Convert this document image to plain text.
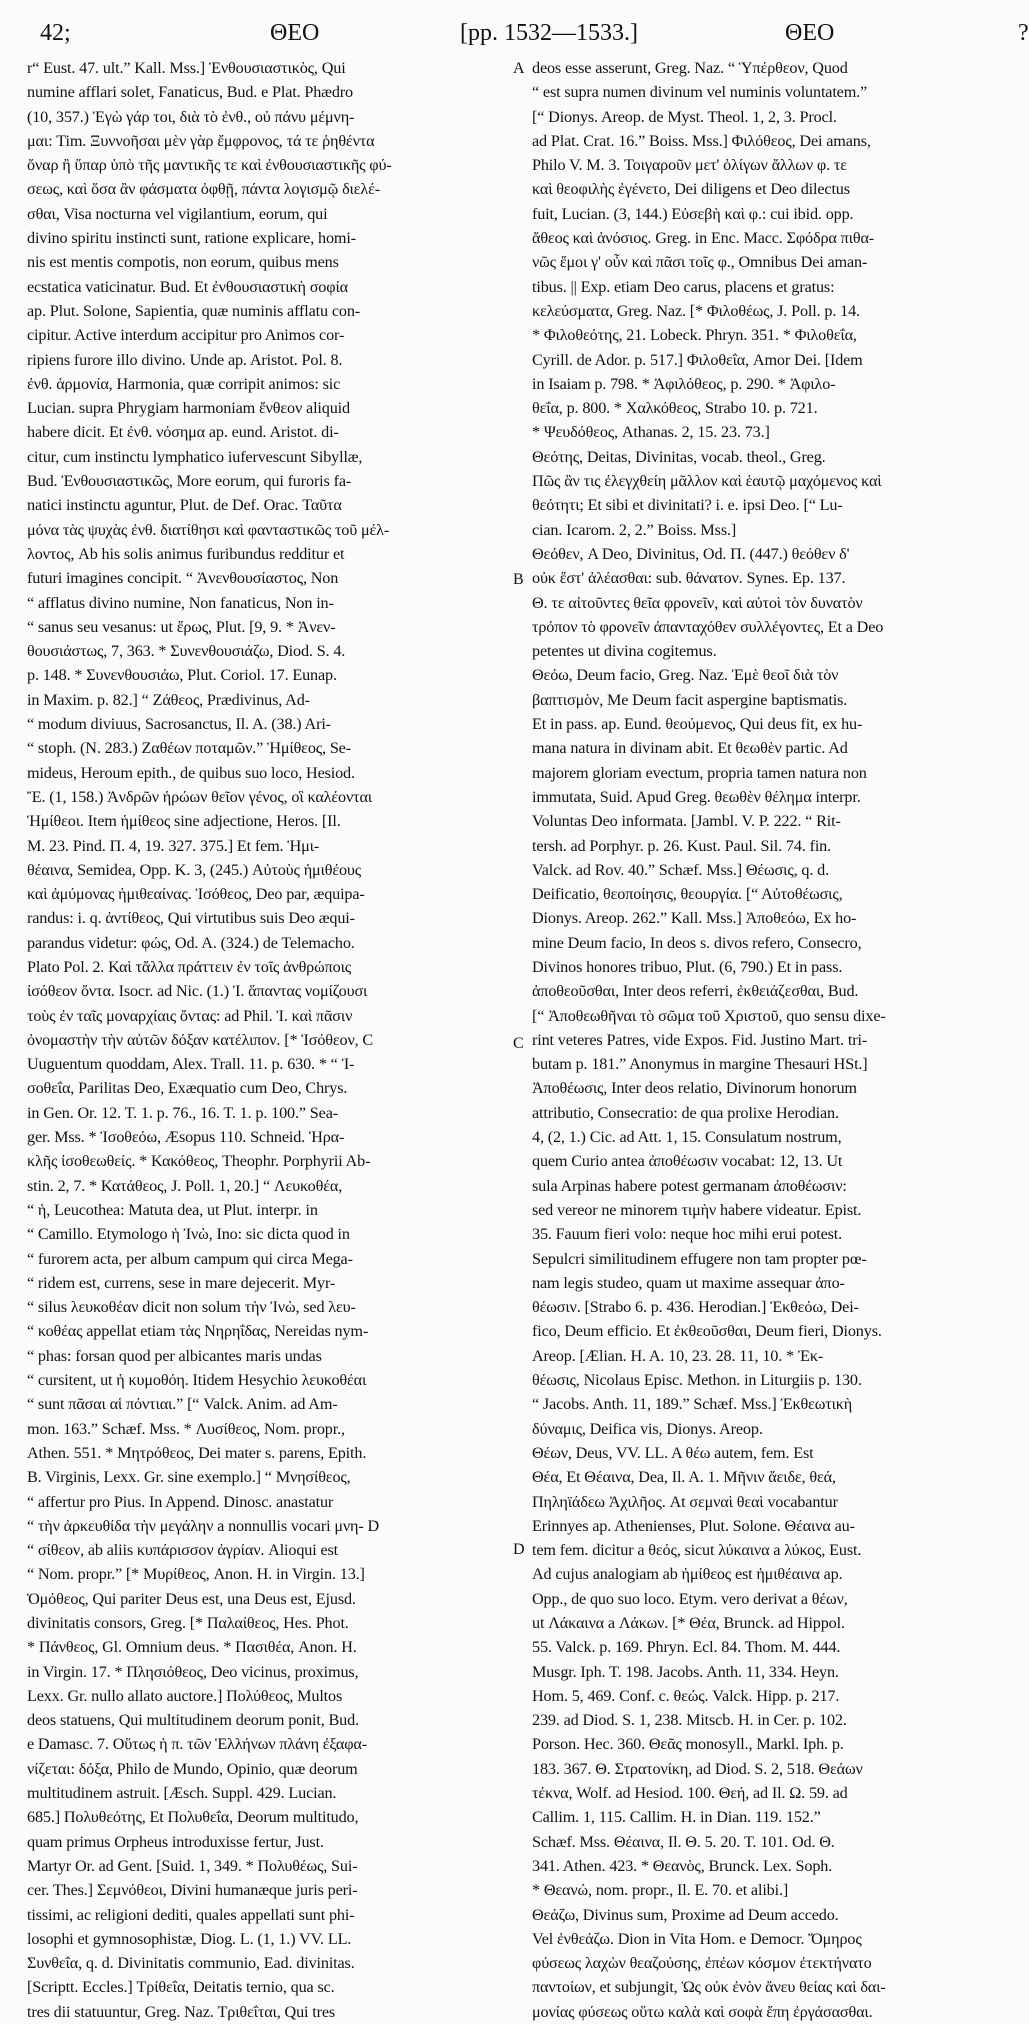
42;	ΘΕΟ	[pp. 1532—1533.]	ΘΕΟ	?
A
B
C
D
r“ Eust. 47. ult.” Kall. Mss.] Ἐνθουσιαστικὸς, Qui
numine afflari solet, Fanaticus, Bud. e Plat. Phædro
(10, 357.) Ἐγὼ γάρ τοι, διὰ τὸ ἐνθ., οὐ πάνυ μέμνη-
μαι: Tim. Ξυννοῆσαι μὲν γὰρ ἔμφρονος, τά τε ῥηθέντα
ὄναρ ἢ ὕπαρ ὑπὸ τῆς μαντικῆς τε καὶ ἐνθουσιαστικῆς φύ-
σεως, καὶ ὅσα ἂν φάσματα ὀφθῇ, πάντα λογισμῷ διελέ-
σθαι, Visa nocturna vel vigilantium, eorum, qui
divino spiritu instincti sunt, ratione explicare, homi-
nis est mentis compotis, non eorum, quibus mens
ecstatica vaticinatur. Bud. Et ἐνθουσιαστικὴ σοφία
ap. Plut. Solone, Sapientia, quæ numinis afflatu con-
cipitur. Active interdum accipitur pro Animos cor-
ripiens furore illo divino. Unde ap. Aristot. Pol. 8.
ἐνθ. ἁρμονία, Harmonia, quæ corripit animos: sic
Lucian. supra Phrygiam harmoniam ἔνθεον aliquid
habere dicit. Et ἐνθ. νόσημα ap. eund. Aristot. di-
citur, cum instinctu lymphatico iufervescunt Sibyllæ,
Bud. Ἐνθουσιαστικῶς, More eorum, qui furoris fa-
natici instinctu aguntur, Plut. de Def. Orac. Ταῦτα
μόνα τὰς ψυχὰς ἐνθ. διατίθησι καὶ φανταστικῶς τοῦ μέλ-
λοντος, Ab his solis animus furibundus redditur et
futuri imagines concipit. “ Ἀνενθουσίαστος, Non
“ afflatus divino numine, Non fanaticus, Non in-
“ sanus seu vesanus: ut ἔρως, Plut. [9, 9. * Ἀνεν-
θουσιάστως, 7, 363. * Συνενθουσιάζω, Diod. S. 4.
p. 148. * Συνενθουσιάω, Plut. Coriol. 17. Eunap.
in Maxim. p. 82.] “ Ζάθεος, Prædivinus, Ad-
“ modum diviuus, Sacrosanctus, Il. A. (38.) Ari-
“ stoph. (N. 283.) Ζαθέων ποταμῶν.” Ἡμίθεος, Se-
mideus, Heroum epith., de quibus suo loco, Hesiod.
Ἔ. (1, 158.) Ἀνδρῶν ἡρώων θεῖον γένος, οἳ καλέονται
Ἡμίθεοι. Item ἡμίθεος sine adjectione, Heros. [Il.
M. 23. Pind. Π. 4, 19. 327. 375.] Et fem. Ἡμι-
θέαινα, Semidea, Opp. K. 3, (245.) Αὐτοὺς ἡμιθέους
καὶ ἀμύμονας ἡμιθεαίνας. Ἰσόθεος, Deo par, æquipa-
randus: i. q. ἀντίθεος, Qui virtutibus suis Deo æqui-
parandus videtur: φώς, Od. A. (324.) de Telemacho.
Plato Pol. 2. Καὶ τἄλλα πράττειν ἐν τοῖς ἀνθρώποις
ἰσόθεον ὄντα. Isocr. ad Nic. (1.) Ἰ. ἅπαντας νομίζουσι
τοὺς ἐν ταῖς μοναρχίαις ὄντας: ad Phil. Ἰ. καὶ πᾶσιν
ὀνομαστὴν τὴν αὐτῶν δόξαν κατέλιπον. [* Ἰσόθεον, C
Uuguentum quoddam, Alex. Trall. 11. p. 630. * “ Ἰ-
σοθεΐα, Parilitas Deo, Exæquatio cum Deo, Chrys.
in Gen. Or. 12. T. 1. p. 76., 16. T. 1. p. 100.” Sea-
ger. Mss. * Ἰσοθεόω, Æsopus 110. Schneid. Ἡρα-
κλῆς ἰσοθεωθείς. * Κακόθεος, Theophr. Porphyrii Ab-
stin. 2, 7. * Κατάθεος, J. Poll. 1, 20.] “ Λευκοθέα,
“ ἡ, Leucothea: Matuta dea, ut Plut. interpr. in
“ Camillo. Etymologo ἡ Ἰνὼ, Ino: sic dicta quod in
“ furorem acta, per album campum qui circa Mega-
“ ridem est, currens, sese in mare dejecerit. Myr-
“ silus λευκοθέαν dicit non solum τὴν Ἰνὼ, sed λευ-
“ κοθέας appellat etiam τὰς Νηρηΐδας, Nereidas nym-
“ phas: forsan quod per albicantes maris undas
“ cursitent, ut ἡ κυμοθόη. Itidem Hesychio λευκοθέαι
“ sunt πᾶσαι αἱ πόντιαι.” [“ Valck. Anim. ad Am-
mon. 163.” Schæf. Mss. * Λυσίθεος, Nom. propr.,
Athen. 551. * Μητρόθεος, Dei mater s. parens, Epith.
B. Virginis, Lexx. Gr. sine exemplo.] “ Μνησίθεος,
“ affertur pro Pius. In Append. Dinosc. anastatur
“ τὴν ἀρκευθίδα τὴν μεγάλην a nonnullis vocari μνη- D
“ σίθεον, ab aliis κυπάρισσον ἀγρίαν. Alioqui est
“ Nom. propr.” [* Μυρίθεος, Anon. H. in Virgin. 13.]
Ὁμόθεος, Qui pariter Deus est, una Deus est, Ejusd.
divinitatis consors, Greg. [* Παλαίθεος, Hes. Phot.
* Πάνθεος, Gl. Omnium deus. * Πασιθέα, Anon. H.
in Virgin. 17. * Πλησιόθεος, Deo vicinus, proximus,
Lexx. Gr. nullo allato auctore.] Πολύθεος, Multos
deos statuens, Qui multitudinem deorum ponit, Bud.
e Damasc. 7. Οὕτως ἡ π. τῶν Ἑλλήνων πλάνη ἐξαφα-
νίζεται: δόξα, Philo de Mundo, Opinio, quæ deorum
multitudinem astruit. [Æsch. Suppl. 429. Lucian.
685.] Πολυθεότης, Et Πολυθεΐα, Deorum multitudo,
quam primus Orpheus introduxisse fertur, Just.
Martyr Or. ad Gent. [Suid. 1, 349. * Πολυθέως, Sui-
cer. Thes.] Σεμνόθεοι, Divini humanæque juris peri-
tissimi, ac religioni dediti, quales appellati sunt phi-
losophi et gymnosophistæ, Diog. L. (1, 1.) VV. LL.
Συνθεΐα, q. d. Divinitatis communio, Ead. divinitas.
[Scriptt. Eccles.] Τρίθεΐα, Deitatis ternio, qua sc.
tres dii statuuntur, Greg. Naz. Τριθεΐται, Qui tres
deos esse asserunt, Greg. Naz. “ Ὑπέρθεον, Quod
“ est supra numen divinum vel numinis voluntatem.”
[“ Dionys. Areop. de Myst. Theol. 1, 2, 3. Procl.
ad Plat. Crat. 16.” Boiss. Mss.] Φιλόθεος, Dei amans,
Philo V. M. 3. Τοιγαροῦν μετ' ὀλίγων ἄλλων φ. τε
καὶ θεοφιλὴς ἐγένετο, Dei diligens et Deo dilectus
fuit, Lucian. (3, 144.) Εὐσεβὴ καὶ φ.: cui ibid. opp.
ἄθεος καὶ ἀνόσιος. Greg. in Enc. Macc. Σφόδρα πιθα-
νῶς ἔμοι γ' οὖν καὶ πᾶσι τοῖς φ., Omnibus Dei aman-
tibus. || Exp. etiam Deo carus, placens et gratus:
κελεύσματα, Greg. Naz. [* Φιλοθέως, J. Poll. p. 14.
* Φιλοθεότης, 21. Lobeck. Phryn. 351. * Φιλοθεΐα,
Cyrill. de Ador. p. 517.] Φιλοθεΐα, Amor Dei. [Idem
in Isaiam p. 798. * Ἀφιλόθεος, p. 290. * Ἀφιλο-
θεΐα, p. 800. * Χαλκόθεος, Strabo 10. p. 721.
* Ψευδόθεος, Athanas. 2, 15. 23. 73.]
Θεότης, Deitas, Divinitas, vocab. theol., Greg.
Πῶς ἂν τις ἐλεγχθείη μᾶλλον καὶ ἑαυτῷ μαχόμενος καὶ
θεότητι; Et sibi et divinitati? i. e. ipsi Deo. [“ Lu-
cian. Icarom. 2, 2.” Boiss. Mss.]
Θεόθεν, A Deo, Divinitus, Od. Π. (447.) θεόθεν δ'
οὐκ ἔστ' ἀλέασθαι: sub. θάνατον. Synes. Ep. 137.
Θ. τε αἰτοῦντες θεῖα φρονεῖν, καὶ αὐτοὶ τὸν δυνατὸν
τρόπον τὸ φρονεῖν ἀπανταχόθεν συλλέγοντες, Et a Deo
petentes ut divina cogitemus.
Θεόω, Deum facio, Greg. Naz. Ἐμὲ θεοῖ διὰ τὸν
βαπτισμὸν, Me Deum facit aspergine baptismatis.
Et in pass. ap. Eund. θεούμενος, Qui deus fit, ex hu-
mana natura in divinam abit. Et θεωθὲν partic. Ad
majorem gloriam evectum, propria tamen natura non
immutata, Suid. Apud Greg. θεωθὲν θέλημα interpr.
Voluntas Deo informata. [Jambl. V. P. 222. “ Rit-
tersh. ad Porphyr. p. 26. Kust. Paul. Sil. 74. fin.
Valck. ad Rov. 40.” Schæf. Mss.] Θέωσις, q. d.
Deificatio, θεοποίησις, θεουργία. [“ Αὐτοθέωσις,
Dionys. Areop. 262.” Kall. Mss.] Ἀποθεόω, Ex ho-
mine Deum facio, In deos s. divos refero, Consecro,
Divinos honores tribuo, Plut. (6, 790.) Et in pass.
ἀποθεοῦσθαι, Inter deos referri, ἐκθειάζεσθαι, Bud.
[“ Ἀποθεωθῆναι τὸ σῶμα τοῦ Χριστοῦ, quo sensu dixe-
rint veteres Patres, vide Expos. Fid. Justino Mart. tri-
butam p. 181.” Anonymus in margine Thesauri HSt.]
Ἀποθέωσις, Inter deos relatio, Divinorum honorum
attributio, Consecratio: de qua prolixe Herodian.
4, (2, 1.) Cic. ad Att. 1, 15. Consulatum nostrum,
quem Curio antea ἀποθέωσιν vocabat: 12, 13. Ut
sula Arpinas habere potest germanam ἀποθέωσιν:
sed vereor ne minorem τιμὴν habere videatur. Epist.
35. Fauum fieri volo: neque hoc mihi erui potest.
Sepulcri similitudinem effugere non tam propter pœ-
nam legis studeo, quam ut maxime assequar ἀπο-
θέωσιν. [Strabo 6. p. 436. Herodian.] Ἐκθεόω, Dei-
fico, Deum efficio. Et ἐκθεοῦσθαι, Deum fieri, Dionys.
Areop. [Ælian. H. A. 10, 23. 28. 11, 10. * Ἐκ-
θέωσις, Nicolaus Episc. Methon. in Liturgiis p. 130.
“ Jacobs. Anth. 11, 189.” Schæf. Mss.] Ἐκθεωτικὴ
δύναμις, Deifica vis, Dionys. Areop.
Θέων, Deus, VV. LL. A θέω autem, fem. Est
Θέα, Et Θέαινα, Dea, Il. A. 1. Μῆνιν ἄειδε, θεά,
Πηληϊάδεω Ἀχιλῆος. At σεμναὶ θεαὶ vocabantur
Erinnyes ap. Athenienses, Plut. Solone. Θέαινα au-
tem fem. dicitur a θεός, sicut λύκαινα a λύκος, Eust.
Ad cujus analogiam ab ἡμίθεος est ἡμιθέαινα ap.
Opp., de quo suo loco. Etym. vero derivat a θέων,
ut Λάκαινα a Λάκων. [* Θέα, Brunck. ad Hippol.
55. Valck. p. 169. Phryn. Ecl. 84. Thom. M. 444.
Musgr. Iph. T. 198. Jacobs. Anth. 11, 334. Heyn.
Hom. 5, 469. Conf. c. θεώς. Valck. Hipp. p. 217.
239. ad Diod. S. 1, 238. Mitscb. H. in Cer. p. 102.
Porson. Hec. 360. Θεᾶς monosyll., Markl. Iph. p.
183. 367. Θ. Στρατονίκη, ad Diod. S. 2, 518. Θεάων
τέκνα, Wolf. ad Hesiod. 100. Θεή, ad Il. Ω. 59. ad
Callim. 1, 115. Callim. H. in Dian. 119. 152.”
Schæf. Mss. Θέαινα, Il. Θ. 5. 20. T. 101. Od. Θ.
341. Athen. 423. * Θεανὸς, Brunck. Lex. Soph.
* Θεανώ, nom. propr., Il. E. 70. et alibi.]
Θεάζω, Divinus sum, Proxime ad Deum accedo.
Vel ἐνθεάζω. Dion in Vita Hom. e Democr. Ὅμηρος
φύσεως λαχὼν θεαζούσης, ἐπέων κόσμον ἐτεκτήνατο
παντοίων, et subjungit, Ὡς οὐκ ἐνὸν ἄνευ θείας καὶ δαι-
μονίας φύσεως οὕτω καλὰ καὶ σοφὰ ἔπη ἐργάσασθαι.
